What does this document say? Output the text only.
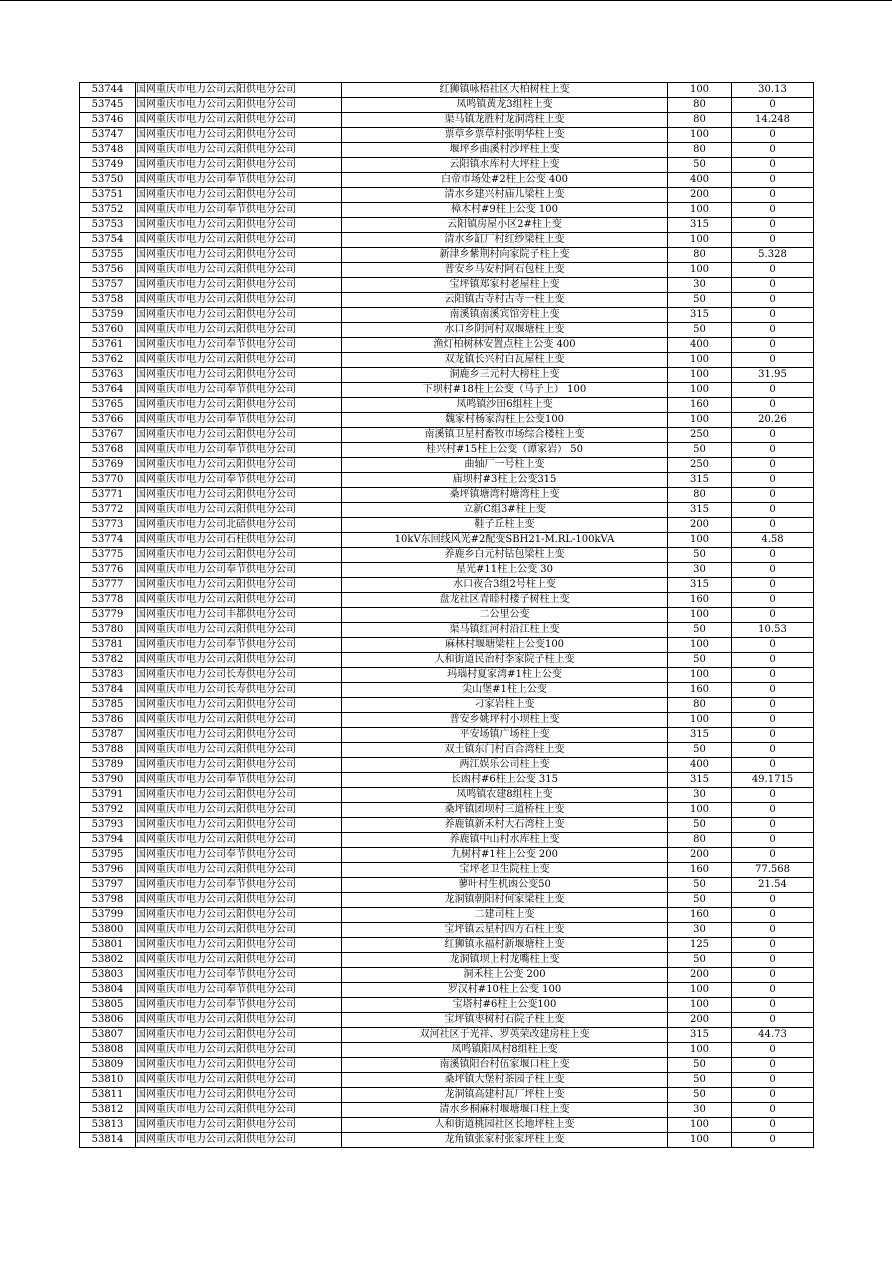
53744	国网重庆市电力公司云阳供电分公司	红狮镇咏梧社区大柏树柱上变	100	30.13
53745	国网重庆市电力公司云阳供电分公司	凤鸣镇黄龙3组柱上变	80	0
53746	国网重庆市电力公司云阳供电分公司	渠马镇龙胜村龙洞湾柱上变	80	14.248
53747	国网重庆市电力公司云阳供电分公司	票草乡票草村张明华柱上变	100	0
53748	国网重庆市电力公司云阳供电分公司	堰坪乡曲溪村沙坪柱上变	80	0
53749	国网重庆市电力公司云阳供电分公司	云阳镇水库村大坪柱上变	50	0
53750	国网重庆市电力公司奉节供电分公司	白帝市场处#2柱上公变 400	400	0
53751	国网重庆市电力公司云阳供电分公司	清水乡建兴村庙儿梁柱上变	200	0
53752	国网重庆市电力公司奉节供电分公司	樟木村#9柱上公变 100	100	0
53753	国网重庆市电力公司云阳供电分公司	云阳镇房屋小区2#柱上变	315	0
53754	国网重庆市电力公司云阳供电分公司	清水乡缸厂村红纱梁柱上变	100	0
53755	国网重庆市电力公司云阳供电分公司	新津乡紫荆村向家院子柱上变	80	5.328
53756	国网重庆市电力公司云阳供电分公司	普安乡马安村阿石包柱上变	100	0
53757	国网重庆市电力公司云阳供电分公司	宝坪镇郑家村老屋柱上变	30	0
53758	国网重庆市电力公司云阳供电分公司	云阳镇古寺村古寺一柱上变	50	0
53759	国网重庆市电力公司云阳供电分公司	南溪镇南溪宾馆旁柱上变	315	0
53760	国网重庆市电力公司云阳供电分公司	水口乡阴河村双堰塘柱上变	50	0
53761	国网重庆市电力公司奉节供电分公司	渔灯柏树林安置点柱上公变 400	400	0
53762	国网重庆市电力公司云阳供电分公司	双龙镇长兴村白瓦屋柱上变	100	0
53763	国网重庆市电力公司云阳供电分公司	洞鹿乡三元村大榜柱上变	100	31.95
53764	国网重庆市电力公司奉节供电分公司	下坝村#18柱上公变（马子上） 100	100	0
53765	国网重庆市电力公司云阳供电分公司	凤鸣镇沙田6组柱上变	160	0
53766	国网重庆市电力公司奉节供电分公司	魏家村杨家沟柱上公变100	100	20.26
53767	国网重庆市电力公司云阳供电分公司	南溪镇卫星村畜牧市场综合楼柱上变	250	0
53768	国网重庆市电力公司奉节供电分公司	桂兴村#15柱上公变（谭家岩） 50	50	0
53769	国网重庆市电力公司云阳供电分公司	曲轴厂一号柱上变	250	0
53770	国网重庆市电力公司奉节供电分公司	庙坝村#3柱上公变315	315	0
53771	国网重庆市电力公司云阳供电分公司	桑坪镇塘湾村塘湾柱上变	80	0
53772	国网重庆市电力公司云阳供电分公司	立新C组3#柱上变	315	0
53773	国网重庆市电力公司北碚供电分公司	鞋子丘柱上变	200	0
53774	国网重庆市电力公司石柱供电分公司	10kV东回线风光#2配变SBH21-M.RL-100kVA	100	4.58
53775	国网重庆市电力公司云阳供电分公司	养鹿乡白元村钻包梁柱上变	50	0
53776	国网重庆市电力公司奉节供电分公司	星光#11柱上公变 30	30	0
53777	国网重庆市电力公司云阳供电分公司	水口夜合3组2号柱上变	315	0
53778	国网重庆市电力公司云阳供电分公司	盘龙社区青睦村楼子树柱上变	160	0
53779	国网重庆市电力公司丰都供电分公司	二公里公变	100	0
53780	国网重庆市电力公司云阳供电分公司	渠马镇红河村沿江柱上变	50	10.53
53781	国网重庆市电力公司奉节供电分公司	麻林村堰塘梁柱上公变100	100	0
53782	国网重庆市电力公司云阳供电分公司	人和街道民治村李家院子柱上变	50	0
53783	国网重庆市电力公司长寿供电分公司	玛瑙村夏家湾#1柱上公变	100	0
53784	国网重庆市电力公司长寿供电分公司	尖山堡#1柱上公变	160	0
53785	国网重庆市电力公司云阳供电分公司	刁家岩柱上变	80	0
53786	国网重庆市电力公司云阳供电分公司	普安乡姚坪村小坝柱上变	100	0
53787	国网重庆市电力公司云阳供电分公司	平安场镇广场柱上变	315	0
53788	国网重庆市电力公司云阳供电分公司	双土镇东门村百合湾柱上变	50	0
53789	国网重庆市电力公司云阳供电分公司	两江娱乐公司柱上变	400	0
53790	国网重庆市电力公司奉节供电分公司	长凼村#6柱上公变 315	315	49.1715
53791	国网重庆市电力公司云阳供电分公司	凤鸣镇农建8组柱上变	30	0
53792	国网重庆市电力公司云阳供电分公司	桑坪镇团坝村三道桥柱上变	100	0
53793	国网重庆市电力公司云阳供电分公司	养鹿镇新禾村大石湾柱上变	50	0
53794	国网重庆市电力公司云阳供电分公司	养鹿镇中山村水库柱上变	80	0
53795	国网重庆市电力公司奉节供电分公司	九树村#1柱上公变 200	200	0
53796	国网重庆市电力公司云阳供电分公司	宝坪老卫生院柱上变	160	77.568
53797	国网重庆市电力公司奉节供电分公司	蓼叶村生机凼公变50	50	21.54
53798	国网重庆市电力公司云阳供电分公司	龙洞镇朝阳村何家梁柱上变	50	0
53799	国网重庆市电力公司云阳供电分公司	二建司柱上变	160	0
53800	国网重庆市电力公司云阳供电分公司	宝坪镇云星村四方石柱上变	30	0
53801	国网重庆市电力公司云阳供电分公司	红狮镇永福村新堰塘柱上变	125	0
53802	国网重庆市电力公司云阳供电分公司	龙洞镇坝上村龙嘴柱上变	50	0
53803	国网重庆市电力公司奉节供电分公司	洞禾柱上公变 200	200	0
53804	国网重庆市电力公司奉节供电分公司	罗汉村#10柱上公变 100	100	0
53805	国网重庆市电力公司奉节供电分公司	宝塔村#6柱上公变100	100	0
53806	国网重庆市电力公司云阳供电分公司	宝坪镇枣树村石院子柱上变	200	0
53807	国网重庆市电力公司云阳供电分公司	双河社区于光祥、罗英荣改建房柱上变	315	44.73
53808	国网重庆市电力公司云阳供电分公司	凤鸣镇阳凤村8组柱上变	100	0
53809	国网重庆市电力公司云阳供电分公司	南溪镇阳台村伍家堰口柱上变	50	0
53810	国网重庆市电力公司云阳供电分公司	桑坪镇大堡村茶园子柱上变	50	0
53811	国网重庆市电力公司云阳供电分公司	龙洞镇高建村瓦厂坪柱上变	50	0
53812	国网重庆市电力公司云阳供电分公司	清水乡桐麻村堰塘堰口柱上变	30	0
53813	国网重庆市电力公司云阳供电分公司	人和街道桃园社区长地坪柱上变	100	0
53814	国网重庆市电力公司云阳供电分公司	龙角镇张家村张家坪柱上变	100	0
